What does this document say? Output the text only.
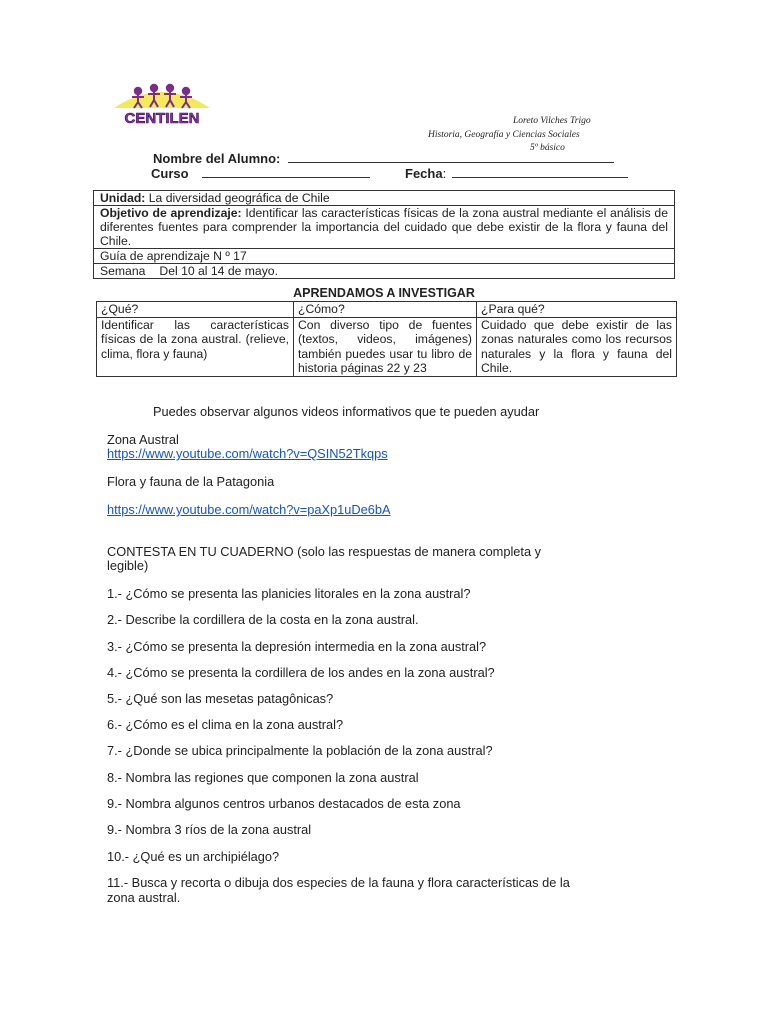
CENTILEN	Loreto Vilches Trigo
Historia, Geografía y Ciencias Sociales
5º básico
Nombre del Alumno:
Curso	Fecha:
Unidad: La diversidad geográfica de Chile
Objetivo de aprendizaje: Identificar las características físicas de la zona austral mediante el análisis de diferentes fuentes para comprender la importancia del cuidado que debe existir de la flora y fauna del Chile.
Guía de aprendizaje N º 17
Semana Del 10 al 14 de mayo.
APRENDAMOS A INVESTIGAR
¿Qué?	¿Cómo?	¿Para qué?
Identificar las características físicas de la zona austral. (relieve, clima, flora y fauna)	Con diverso tipo de fuentes (textos, videos, imágenes) también puedes usar tu libro de historia páginas 22 y 23	Cuidado que debe existir de las zonas naturales como los recursos naturales y la flora y fauna del Chile.
Puedes observar algunos videos informativos que te pueden ayudar
Zona Austral
https://www.youtube.com/watch?v=QSIN52Tkqps
Flora y fauna de la Patagonia
https://www.youtube.com/watch?v=paXp1uDe6bA
CONTESTA EN TU CUADERNO (solo las respuestas de manera completa y
legible)
1.- ¿Cómo se presenta las planicies litorales en la zona austral?
2.- Describe la cordillera de la costa en la zona austral.
3.- ¿Cómo se presenta la depresión intermedia en la zona austral?
4.- ¿Cómo se presenta la cordillera de los andes en la zona austral?
5.- ¿Qué son las mesetas patagônicas?
6.- ¿Cómo es el clima en la zona austral?
7.- ¿Donde se ubica principalmente la población de la zona austral?
8.- Nombra las regiones que componen la zona austral
9.- Nombra algunos centros urbanos destacados de esta zona
9.- Nombra 3 ríos de la zona austral
10.- ¿Qué es un archipiélago?
11.- Busca y recorta o dibuja dos especies de la fauna y flora características de la
zona austral.
